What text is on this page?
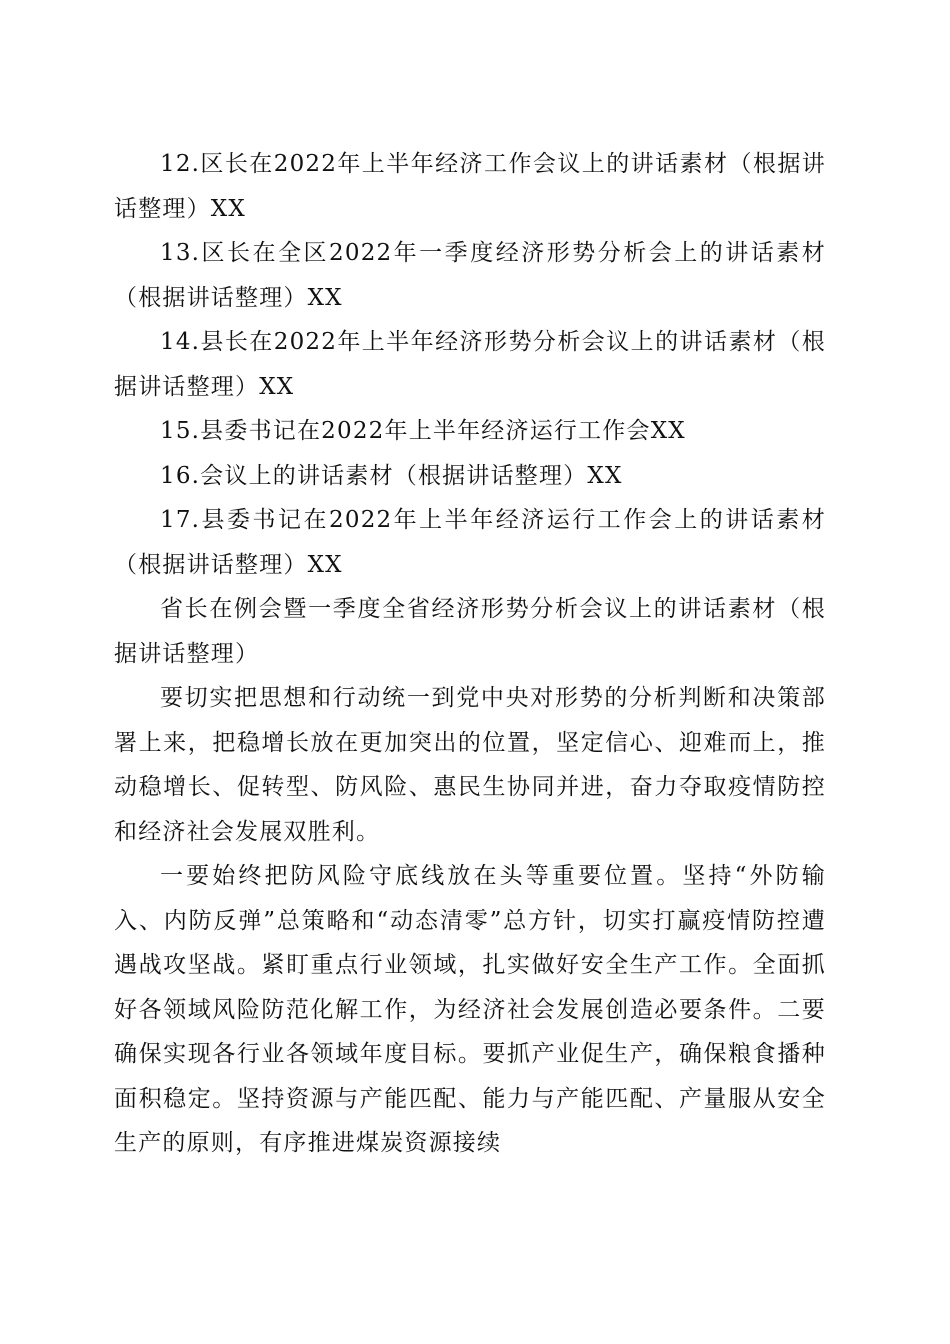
12.区长在2022年上半年经济工作会议上的讲话素材（根据讲话整理）XX

13.区长在全区2022年一季度经济形势分析会上的讲话素材（根据讲话整理）XX

14.县长在2022年上半年经济形势分析会议上的讲话素材（根据讲话整理）XX

15.县委书记在2022年上半年经济运行工作会XX

16.会议上的讲话素材（根据讲话整理）XX

17.县委书记在2022年上半年经济运行工作会上的讲话素材（根据讲话整理）XX

省长在例会暨一季度全省经济形势分析会议上的讲话素材（根据讲话整理）

要切实把思想和行动统一到党中央对形势的分析判断和决策部署上来，把稳增长放在更加突出的位置，坚定信心、迎难而上，推动稳增长、促转型、防风险、惠民生协同并进，奋力夺取疫情防控和经济社会发展双胜利。

一要始终把防风险守底线放在头等重要位置。坚持“外防输入、内防反弹”总策略和“动态清零”总方针，切实打赢疫情防控遭遇战攻坚战。紧盯重点行业领域，扎实做好安全生产工作。全面抓好各领域风险防范化解工作，为经济社会发展创造必要条件。二要确保实现各行业各领域年度目标。要抓产业促生产，确保粮食播种面积稳定。坚持资源与产能匹配、能力与产能匹配、产量服从安全生产的原则，有序推进煤炭资源接续
